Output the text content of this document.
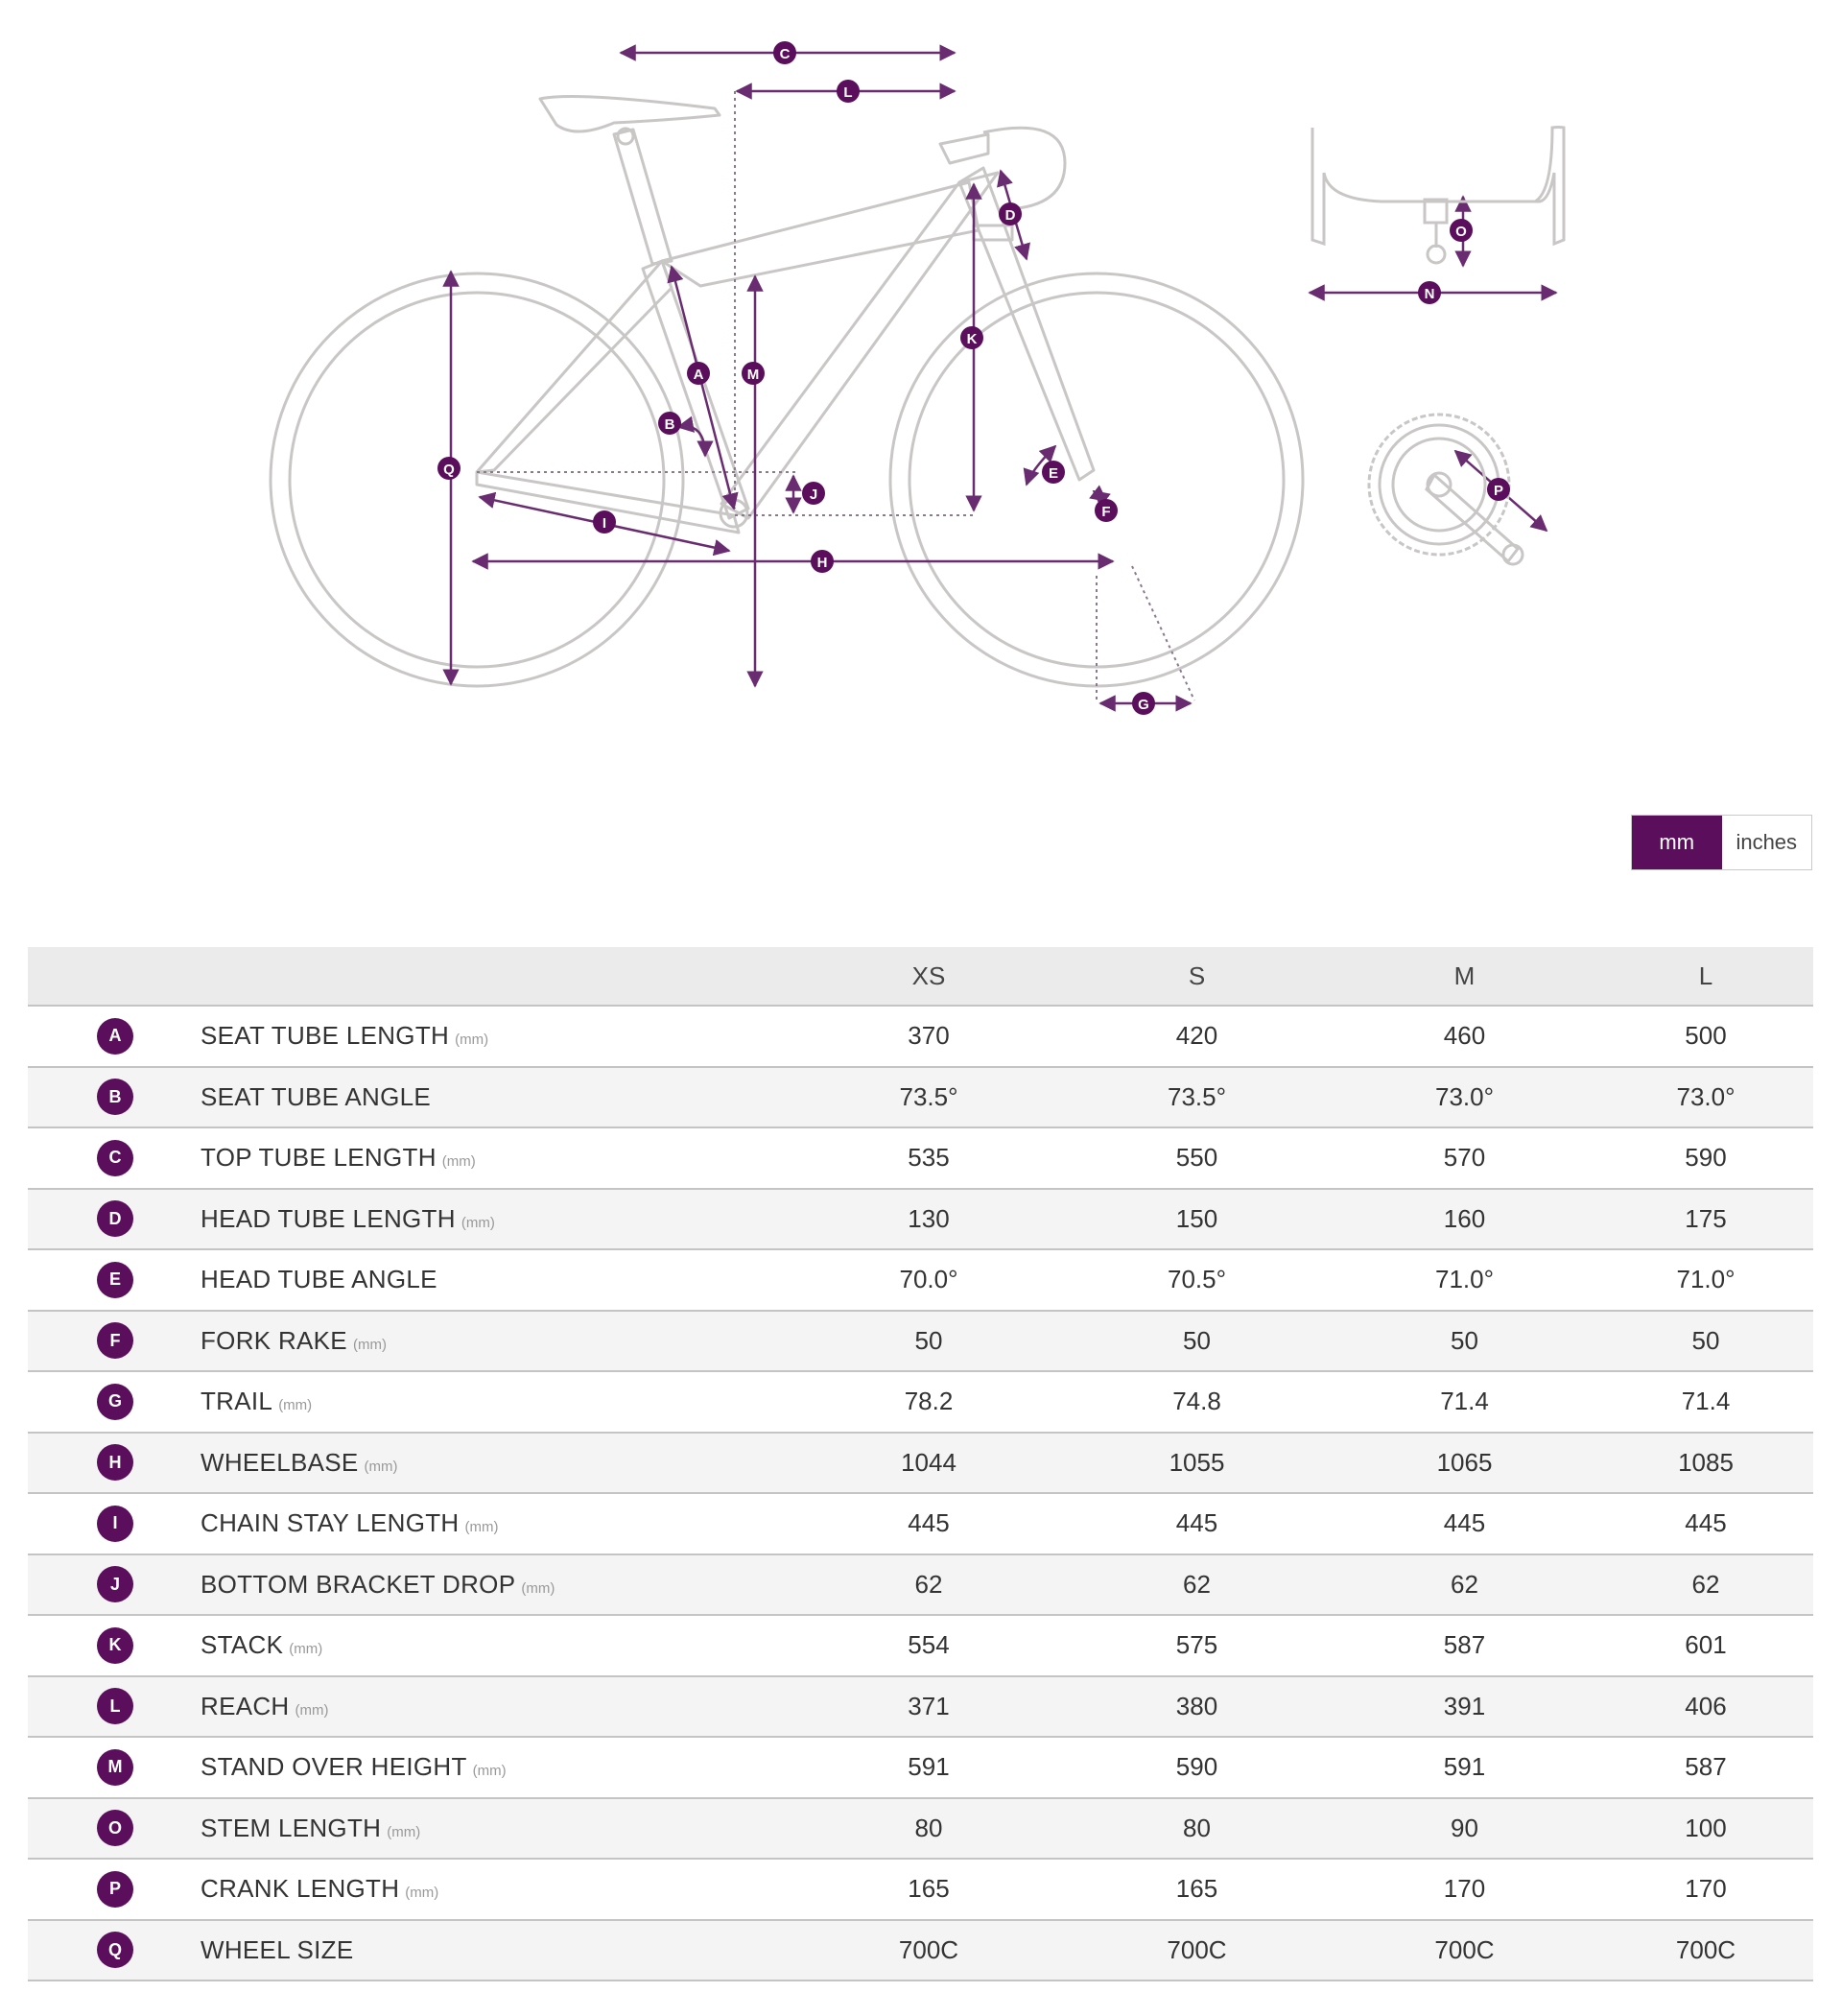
C
L
D
K
M
A
B
Q	E
F
J
I
H
G
N
O
P
mm	inches
		XS	S	M	L
A	SEAT TUBE LENGTH (mm)	370	420	460	500
B	SEAT TUBE ANGLE	73.5°	73.5°	73.0°	73.0°
C	TOP TUBE LENGTH (mm)	535	550	570	590
D	HEAD TUBE LENGTH (mm)	130	150	160	175
E	HEAD TUBE ANGLE	70.0°	70.5°	71.0°	71.0°
F	FORK RAKE (mm)	50	50	50	50
G	TRAIL (mm)	78.2	74.8	71.4	71.4
H	WHEELBASE (mm)	1044	1055	1065	1085
I	CHAIN STAY LENGTH (mm)	445	445	445	445
J	BOTTOM BRACKET DROP (mm)	62	62	62	62
K	STACK (mm)	554	575	587	601
L	REACH (mm)	371	380	391	406
M	STAND OVER HEIGHT (mm)	591	590	591	587
O	STEM LENGTH (mm)	80	80	90	100
P	CRANK LENGTH (mm)	165	165	170	170
Q	WHEEL SIZE	700C	700C	700C	700C
